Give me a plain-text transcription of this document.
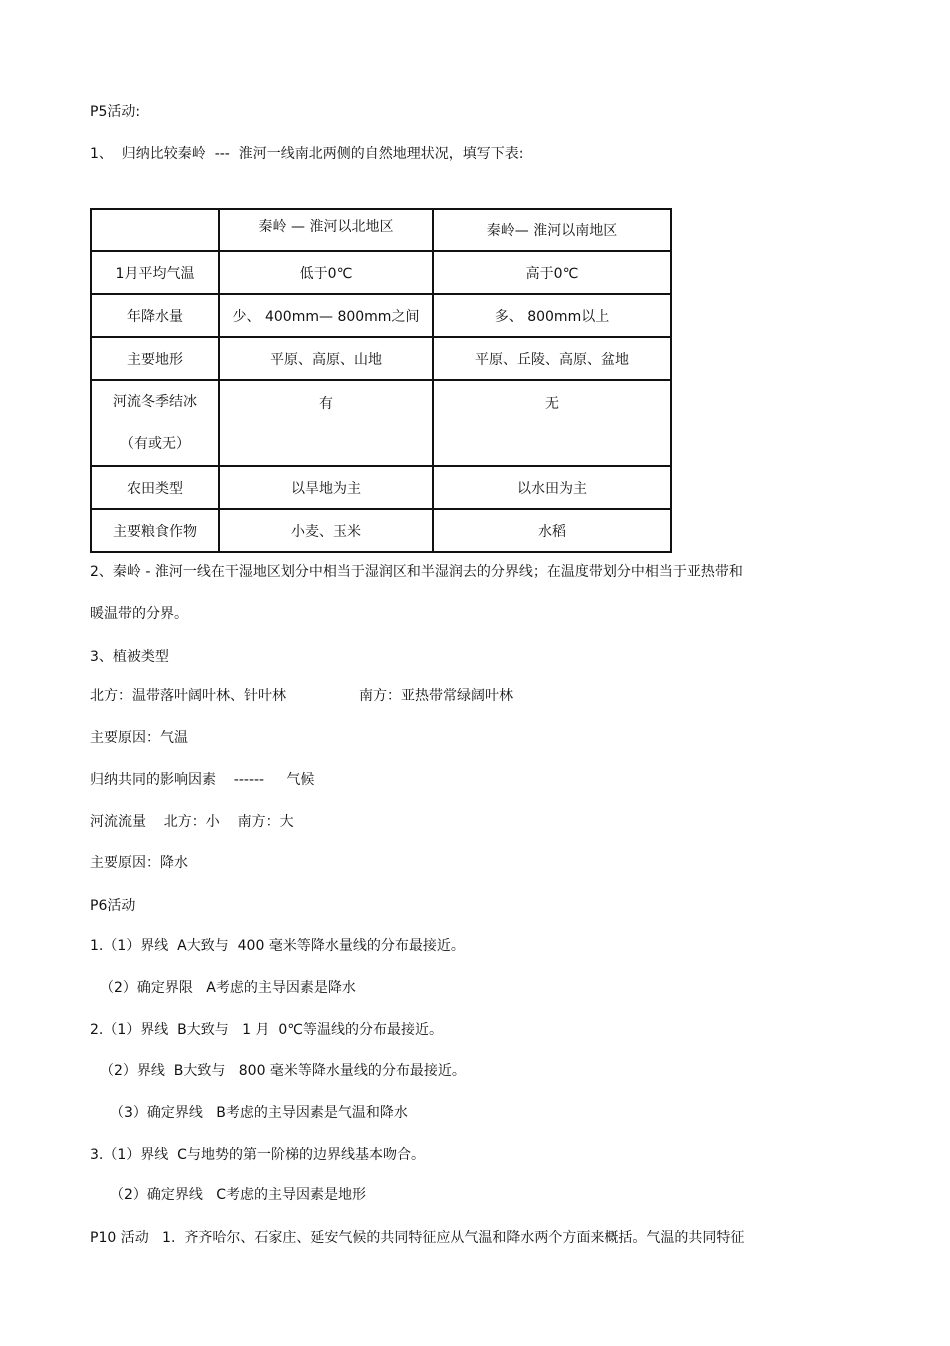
P5活动:
1、  归纳比较秦岭  ---  淮河一线南北两侧的自然地理状况，填写下表:
	秦岭 — 淮河以北地区	秦岭— 淮河以南地区
1月平均气温	低于0℃	高于0℃
年降水量	少、 400mm— 800mm之间	多、 800mm以上
主要地形	平原、高原、山地	平原、丘陵、高原、盆地

河流冬季结冰
（有或无）	有	无
农田类型	以旱地为主	以水田为主
主要粮食作物	小麦、玉米	水稻
2、秦岭 - 淮河一线在干湿地区划分中相当于湿润区和半湿润去的分界线；在温度带划分中相当于亚热带和
暖温带的分界。
3、植被类型
北方：温带落叶阔叶林、针叶林	南方：亚热带常绿阔叶林
主要原因：气温
归纳共同的影响因素    ------     气候
河流流量    北方：小    南方：大
主要原因：降水
P6活动
1.（1）界线  A大致与  400 毫米等降水量线的分布最接近。
（2）确定界限   A考虑的主导因素是降水
2.（1）界线  B大致与   1 月  0℃等温线的分布最接近。
（2）界线  B大致与   800 毫米等降水量线的分布最接近。
（3）确定界线   B考虑的主导因素是气温和降水
3.（1）界线  C与地势的第一阶梯的边界线基本吻合。
（2）确定界线   C考虑的主导因素是地形
P10 活动   1.  齐齐哈尔、石家庄、延安气候的共同特征应从气温和降水两个方面来概括。气温的共同特征
